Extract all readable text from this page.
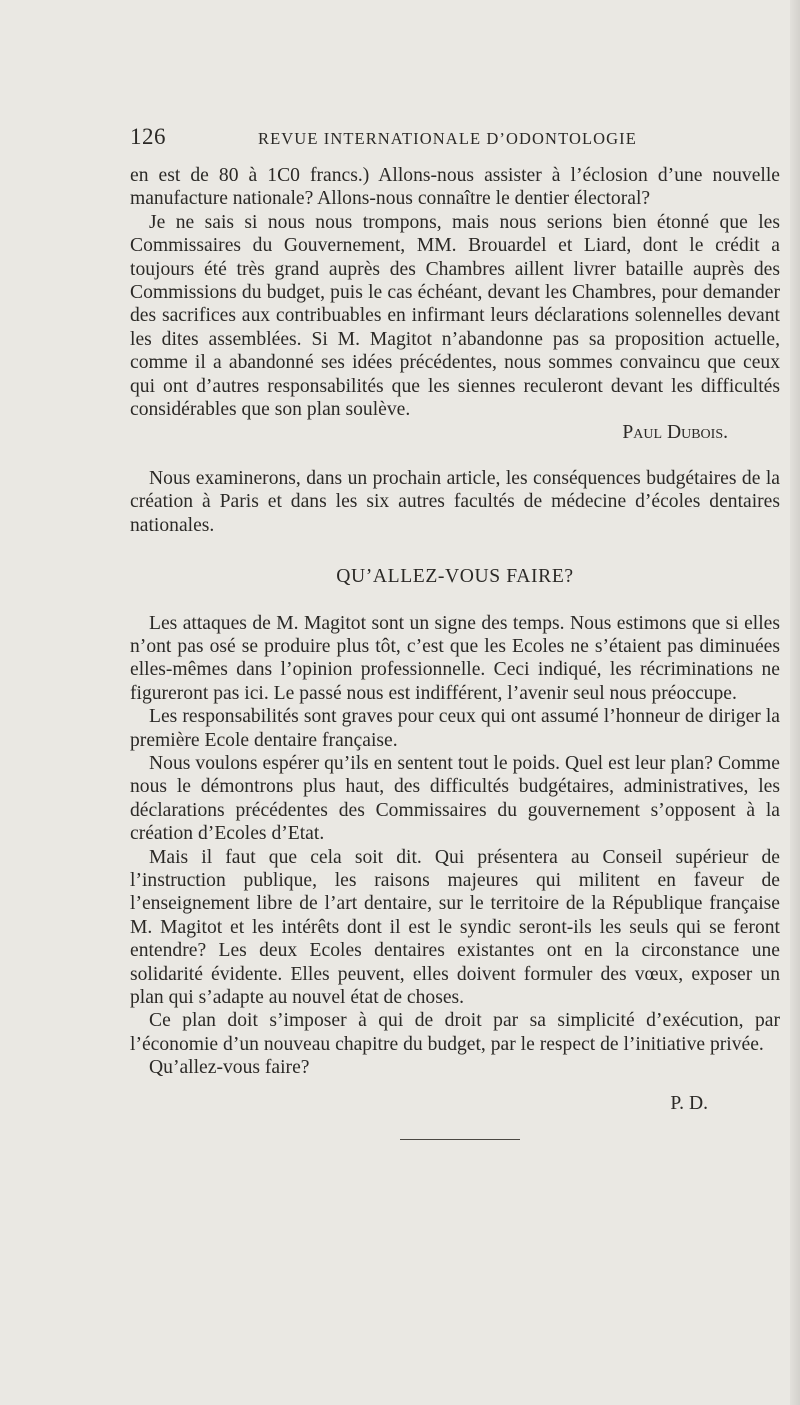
126	REVUE INTERNATIONALE D’ODONTOLOGIE

en est de 80 à 1C0 francs.) Allons-nous assister à l’éclosion d’une nouvelle manufacture nationale? Allons-nous connaître le dentier électoral?

Je ne sais si nous nous trompons, mais nous serions bien étonné que les Commissaires du Gouvernement, MM. Brouardel et Liard, dont le crédit a toujours été très grand auprès des Chambres aillent livrer bataille auprès des Commissions du budget, puis le cas échéant, devant les Chambres, pour demander des sacrifices aux contribuables en infirmant leurs déclarations solennelles devant les dites assemblées. Si M. Magitot n’abandonne pas sa proposition actuelle, comme il a abandonné ses idées précédentes, nous sommes convaincu que ceux qui ont d’autres responsabilités que les siennes reculeront devant les difficultés considérables que son plan soulève.

Paul Dubois.

Nous examinerons, dans un prochain article, les conséquences budgétaires de la création à Paris et dans les six autres facultés de médecine d’écoles dentaires nationales.

QU’ALLEZ-VOUS FAIRE?

Les attaques de M. Magitot sont un signe des temps. Nous estimons que si elles n’ont pas osé se produire plus tôt, c’est que les Ecoles ne s’étaient pas diminuées elles-mêmes dans l’opinion professionnelle. Ceci indiqué, les récriminations ne figureront pas ici. Le passé nous est indifférent, l’avenir seul nous préoccupe.

Les responsabilités sont graves pour ceux qui ont assumé l’honneur de diriger la première Ecole dentaire française.

Nous voulons espérer qu’ils en sentent tout le poids. Quel est leur plan? Comme nous le démontrons plus haut, des difficultés budgétaires, administratives, les déclarations précédentes des Commissaires du gouvernement s’opposent à la création d’Ecoles d’Etat.

Mais il faut que cela soit dit. Qui présentera au Conseil supérieur de l’instruction publique, les raisons majeures qui militent en faveur de l’enseignement libre de l’art dentaire, sur le territoire de la République française M. Magitot et les intérêts dont il est le syndic seront-ils les seuls qui se feront entendre? Les deux Ecoles dentaires existantes ont en la circonstance une solidarité évidente. Elles peuvent, elles doivent formuler des vœux, exposer un plan qui s’adapte au nouvel état de choses.

Ce plan doit s’imposer à qui de droit par sa simplicité d’exécution, par l’économie d’un nouveau chapitre du budget, par le respect de l’initiative privée.

Qu’allez-vous faire?

P. D.
